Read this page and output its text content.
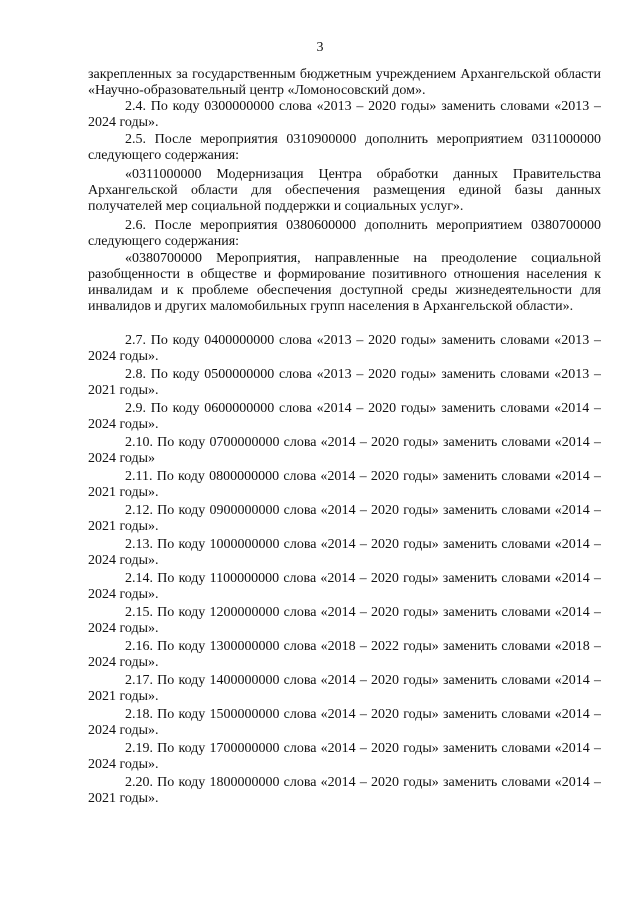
3

закрепленных за государственным бюджетным учреждением Архангельской области «Научно-образовательный центр «Ломоносовский дом».

2.4. По коду 0300000000 слова «2013 – 2020 годы» заменить словами «2013 – 2024 годы».

2.5. После мероприятия 0310900000 дополнить мероприятием 0311000000 следующего содержания:

«0311000000 Модернизация Центра обработки данных Правительства Архангельской области для обеспечения размещения единой базы данных получателей мер социальной поддержки и социальных услуг».

2.6. После мероприятия 0380600000 дополнить мероприятием 0380700000 следующего содержания:

«0380700000 Мероприятия, направленные на преодоление социальной разобщенности в обществе и формирование позитивного отношения населения к инвалидам и к проблеме обеспечения доступной среды жизнедеятельности для инвалидов и других маломобильных групп населения в Архангельской области».

2.7. По коду 0400000000 слова «2013 – 2020 годы» заменить словами «2013 – 2024 годы».

2.8. По коду 0500000000 слова «2013 – 2020 годы» заменить словами «2013 – 2021 годы».

2.9. По коду 0600000000 слова «2014 – 2020 годы» заменить словами «2014 – 2024 годы».

2.10. По коду 0700000000 слова «2014 – 2020 годы» заменить словами «2014 – 2024 годы»

2.11. По коду 0800000000 слова «2014 – 2020 годы» заменить словами «2014 – 2021 годы».

2.12. По коду 0900000000 слова «2014 – 2020 годы» заменить словами «2014 – 2021 годы».

2.13. По коду 1000000000 слова «2014 – 2020 годы» заменить словами «2014 – 2024 годы».

2.14. По коду 1100000000 слова «2014 – 2020 годы» заменить словами «2014 – 2024 годы».

2.15. По коду 1200000000 слова «2014 – 2020 годы» заменить словами «2014 – 2024 годы».

2.16. По коду 1300000000 слова «2018 – 2022 годы» заменить словами «2018 – 2024 годы».

2.17. По коду 1400000000 слова «2014 – 2020 годы» заменить словами «2014 – 2021 годы».

2.18. По коду 1500000000 слова «2014 – 2020 годы» заменить словами «2014 – 2024 годы».

2.19. По коду 1700000000 слова «2014 – 2020 годы» заменить словами «2014 – 2024 годы».

2.20. По коду 1800000000 слова «2014 – 2020 годы» заменить словами «2014 – 2021 годы».
